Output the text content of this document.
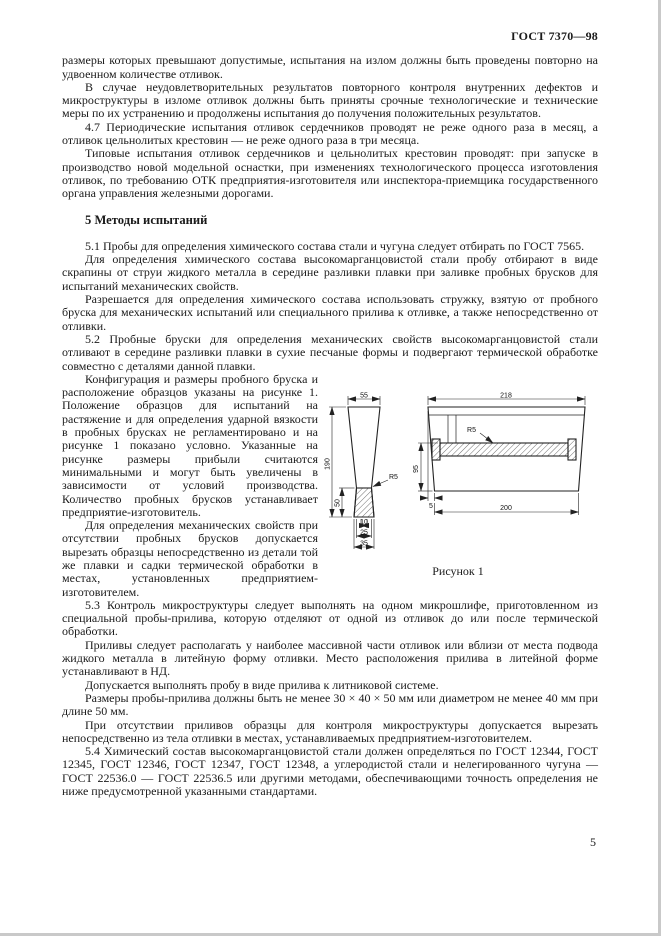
ГОСТ 7370—98

размеры которых превышают допустимые, испытания на излом должны быть проведены повторно на удвоенном количестве отливок.

В случае неудовлетворительных результатов повторного контроля внутренних дефектов и микроструктуры в изломе отливок должны быть приняты срочные технологические и технические меры по их устранению и продолжены испытания до получения положительных результатов.

4.7 Периодические испытания отливок сердечников проводят не реже одного раза в месяц, а отливок цельнолитых крестовин — не реже одного раза в три месяца.

Типовые испытания отливок сердечников и цельнолитых крестовин проводят: при запуске в производство новой модельной оснастки, при изменениях технологического процесса изготовления отливок, по требованию ОТК предприятия-изготовителя или инспектора-приемщика государственного органа управления железными дорогами.

5 Методы испытаний

5.1 Пробы для определения химического состава стали и чугуна следует отбирать по ГОСТ 7565.

Для определения химического состава высокомарганцовистой стали пробу отбирают в виде скрапины от струи жидкого металла в середине разливки плавки при заливке пробных брусков для испытаний механических свойств.

Разрешается для определения химического состава использовать стружку, взятую от пробного бруска для механических испытаний или специального прилива к отливке, а также непосредственно от отливки.

5.2 Пробные бруски для определения механических свойств высокомарганцовистой стали отливают в середине разливки плавки в сухие песчаные формы и подвергают термической обработке совместно с деталями данной плавки.

Конфигурация и размеры пробного бруска и расположение образцов указаны на рисунке 1. Положение образцов для испытаний на растяжение и для определения ударной вязкости в пробных брусках не регламентировано и на рисунке 1 показано условно. Указанные на рисунке размеры прибыли считаются минимальными и могут быть увеличены в зависимости от условий производства. Количество пробных брусков устанавливает предприятие-изготовитель.

Для определения механических свойств при отсутствии пробных брусков допускается вырезать образцы непосредственно из детали той же плавки и садки термической обработки в местах, установленных предприятием-изготовителем.

55
190
50
10
25
35
R5
218
95
5	200
R5
Рисунок 1

5.3 Контроль микроструктуры следует выполнять на одном микрошлифе, приготовленном из специальной пробы-прилива, которую отделяют от одной из отливок до или после термической обработки.

Приливы следует располагать у наиболее массивной части отливок или вблизи от места подвода жидкого металла в литейную форму отливки. Место расположения прилива в литейной форме устанавливают в НД.

Допускается выполнять пробу в виде прилива к литниковой системе.

Размеры пробы-прилива должны быть не менее 30 × 40 × 50 мм или диаметром не менее 40 мм при длине 50 мм.

При отсутствии приливов образцы для контроля микроструктуры допускается вырезать непосредственно из тела отливки в местах, устанавливаемых предприятием-изготовителем.

5.4 Химический состав высокомарганцовистой стали должен определяться по ГОСТ 12344, ГОСТ 12345, ГОСТ 12346, ГОСТ 12347, ГОСТ 12348, а углеродистой стали и нелегированного чугуна — ГОСТ 22536.0 — ГОСТ 22536.5 или другими методами, обеспечивающими точность определения не ниже предусмотренной указанными стандартами.

5
